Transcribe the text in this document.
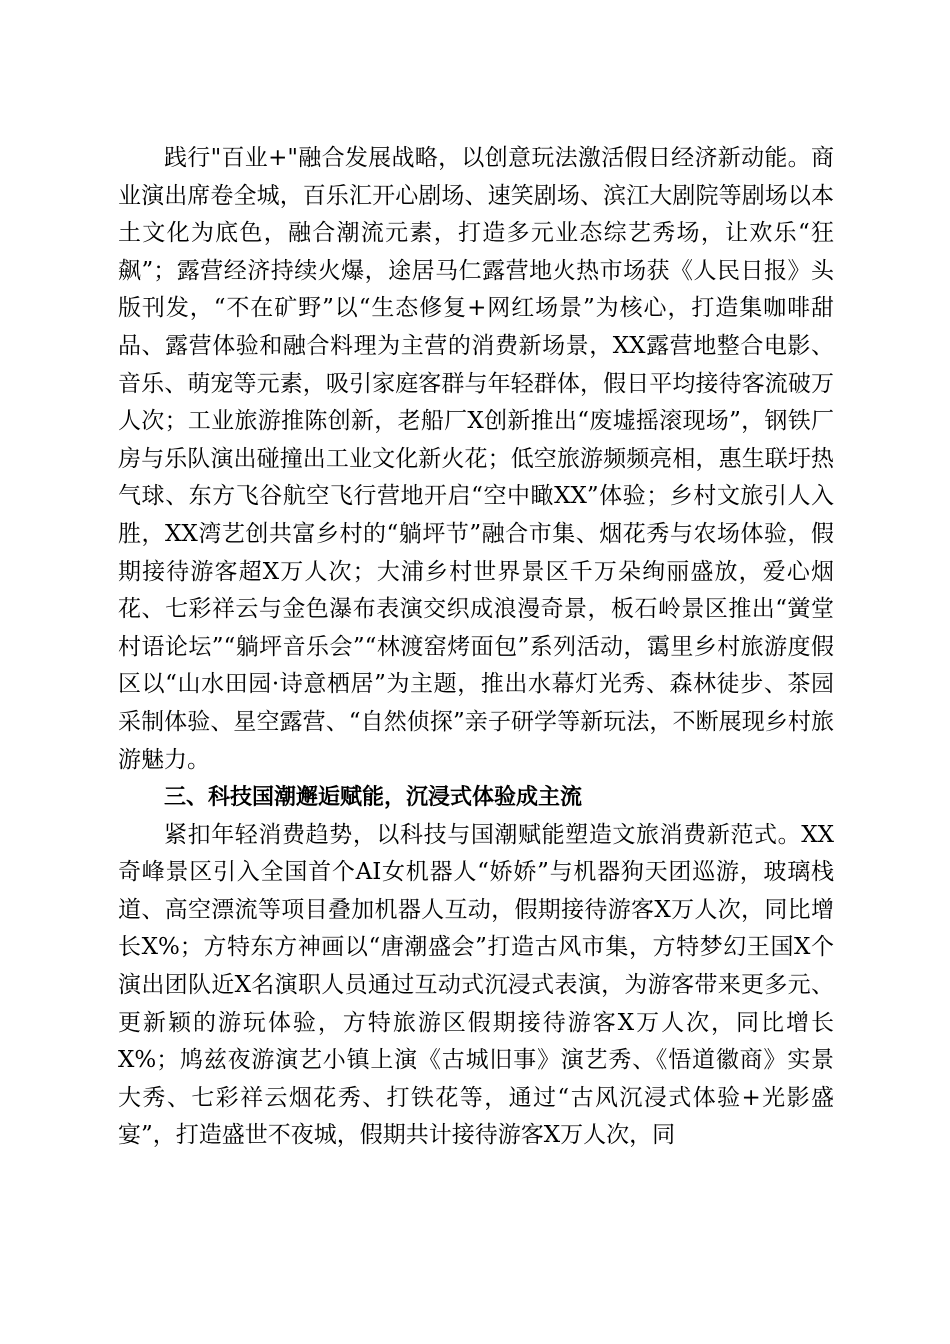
践行"百业+"融合发展战略，以创意玩法激活假日经济新动能。商业演出席卷全城，百乐汇开心剧场、速笑剧场、滨江大剧院等剧场以本土文化为底色，融合潮流元素，打造多元业态综艺秀场，让欢乐“狂飙”；露营经济持续火爆，途居马仁露营地火热市场获《人民日报》头版刊发，“不在矿野”以“生态修复+网红场景”为核心，打造集咖啡甜品、露营体验和融合料理为主营的消费新场景，XX露营地整合电影、音乐、萌宠等元素，吸引家庭客群与年轻群体，假日平均接待客流破万人次；工业旅游推陈创新，老船厂X创新推出“废墟摇滚现场”，钢铁厂房与乐队演出碰撞出工业文化新火花；低空旅游频频亮相，惠生联圩热气球、东方飞谷航空飞行营地开启“空中瞰XX”体验；乡村文旅引人入胜，XX湾艺创共富乡村的“躺坪节”融合市集、烟花秀与农场体验，假期接待游客超X万人次；大浦乡村世界景区千万朵绚丽盛放，爱心烟花、七彩祥云与金色瀑布表演交织成浪漫奇景，板石岭景区推出“黉堂村语论坛”“躺坪音乐会”“林渡窑烤面包”系列活动，霭里乡村旅游度假区以“山水田园·诗意栖居”为主题，推出水幕灯光秀、森林徒步、茶园采制体验、星空露营、“自然侦探”亲子研学等新玩法，不断展现乡村旅游魅力。

三、科技国潮邂逅赋能，沉浸式体验成主流

紧扣年轻消费趋势，以科技与国潮赋能塑造文旅消费新范式。XX奇峰景区引入全国首个AI女机器人“娇娇”与机器狗天团巡游，玻璃栈道、高空漂流等项目叠加机器人互动，假期接待游客X万人次，同比增长X%；方特东方神画以“唐潮盛会”打造古风市集，方特梦幻王国X个演出团队近X名演职人员通过互动式沉浸式表演，为游客带来更多元、更新颖的游玩体验，方特旅游区假期接待游客X万人次，同比增长X%；鸠兹夜游演艺小镇上演《古城旧事》演艺秀、《悟道徽商》实景大秀、七彩祥云烟花秀、打铁花等，通过“古风沉浸式体验+光影盛宴”，打造盛世不夜城，假期共计接待游客X万人次，同
